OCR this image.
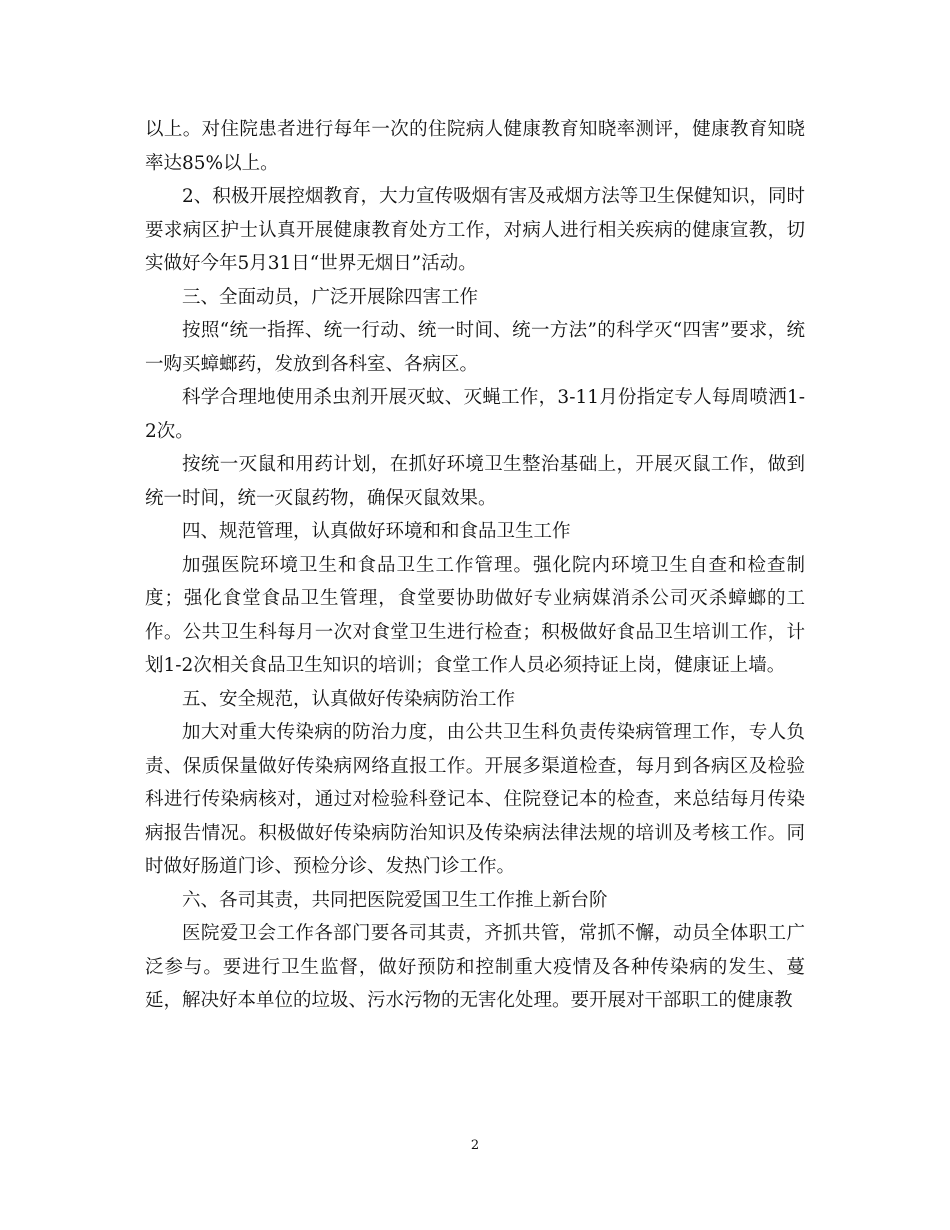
以上。对住院患者进行每年一次的住院病人健康教育知晓率测评，健康教育知晓率达85%以上。

2、积极开展控烟教育，大力宣传吸烟有害及戒烟方法等卫生保健知识，同时要求病区护士认真开展健康教育处方工作，对病人进行相关疾病的健康宣教，切实做好今年5月31日“世界无烟日”活动。

三、全面动员，广泛开展除四害工作

按照“统一指挥、统一行动、统一时间、统一方法”的科学灭“四害”要求，统一购买蟑螂药，发放到各科室、各病区。

科学合理地使用杀虫剂开展灭蚊、灭蝇工作，3-11月份指定专人每周喷洒1-2次。

按统一灭鼠和用药计划，在抓好环境卫生整治基础上，开展灭鼠工作，做到统一时间，统一灭鼠药物，确保灭鼠效果。

四、规范管理，认真做好环境和和食品卫生工作

加强医院环境卫生和食品卫生工作管理。强化院内环境卫生自查和检查制度；强化食堂食品卫生管理，食堂要协助做好专业病媒消杀公司灭杀蟑螂的工作。公共卫生科每月一次对食堂卫生进行检查；积极做好食品卫生培训工作，计划1-2次相关食品卫生知识的培训；食堂工作人员必须持证上岗，健康证上墙。

五、安全规范，认真做好传染病防治工作

加大对重大传染病的防治力度，由公共卫生科负责传染病管理工作，专人负责、保质保量做好传染病网络直报工作。开展多渠道检查，每月到各病区及检验科进行传染病核对，通过对检验科登记本、住院登记本的检查，来总结每月传染病报告情况。积极做好传染病防治知识及传染病法律法规的培训及考核工作。同时做好肠道门诊、预检分诊、发热门诊工作。

六、各司其责，共同把医院爱国卫生工作推上新台阶

医院爱卫会工作各部门要各司其责，齐抓共管，常抓不懈，动员全体职工广泛参与。要进行卫生监督，做好预防和控制重大疫情及各种传染病的发生、蔓延，解决好本单位的垃圾、污水污物的无害化处理。要开展对干部职工的健康教

2
